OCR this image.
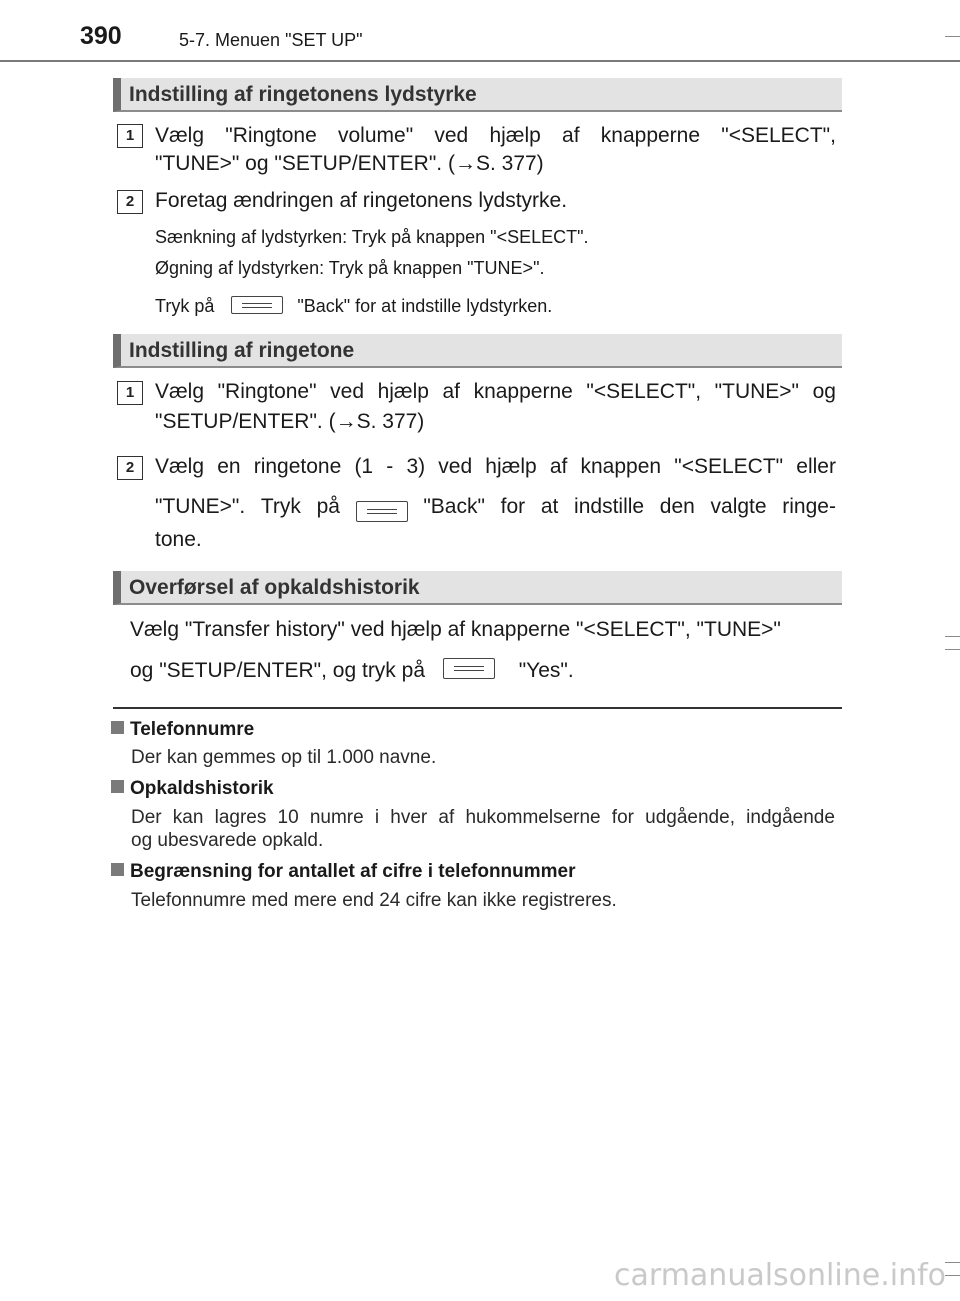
390	5-7. Menuen "SET UP"
Indstilling af ringetonens lydstyrke
1 Vælg "Ringtone volume" ved hjælp af knapperne "<SELECT",
"TUNE>" og "SETUP/ENTER". (→S. 377)
2 Foretag ændringen af ringetonens lydstyrke.
Sænkning af lydstyrken: Tryk på knappen "<SELECT".
Øgning af lydstyrken: Tryk på knappen "TUNE>".
Tryk på	"Back" for at indstille lydstyrken.
Indstilling af ringetone
1 Vælg "Ringtone" ved hjælp af knapperne "<SELECT", "TUNE>" og
"SETUP/ENTER". (→S. 377)
2 Vælg en ringetone (1 - 3) ved hjælp af knappen "<SELECT" eller
"TUNE>". Tryk på	"Back" for at indstille den valgte ringe-
tone.
Overførsel af opkaldshistorik
Vælg "Transfer history" ved hjælp af knapperne "<SELECT", "TUNE>"
og "SETUP/ENTER", og tryk på	"Yes".
Telefonnumre
Der kan gemmes op til 1.000 navne.
Opkaldshistorik
Der kan lagres 10 numre i hver af hukommelserne for udgående, indgående
og ubesvarede opkald.
Begrænsning for antallet af cifre i telefonnummer
Telefonnumre med mere end 24 cifre kan ikke registreres.
carmanualsonline.info
